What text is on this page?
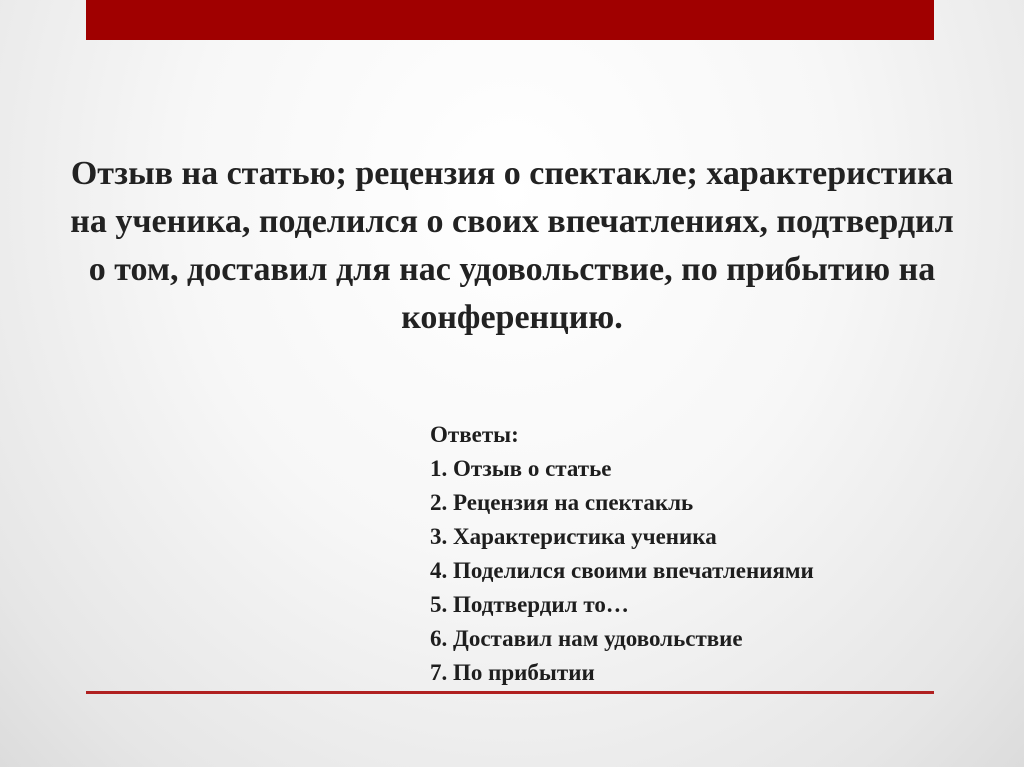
Отзыв на статью; рецензия о спектакле; характеристика на ученика, поделился о своих впечатлениях, подтвердил о том, доставил для нас удовольствие, по прибытию на конференцию.
Ответы:
1. Отзыв о статье
2. Рецензия на спектакль
3. Характеристика ученика
4. Поделился своими впечатлениями
5. Подтвердил то…
6. Доставил нам удовольствие
7. По прибытии
